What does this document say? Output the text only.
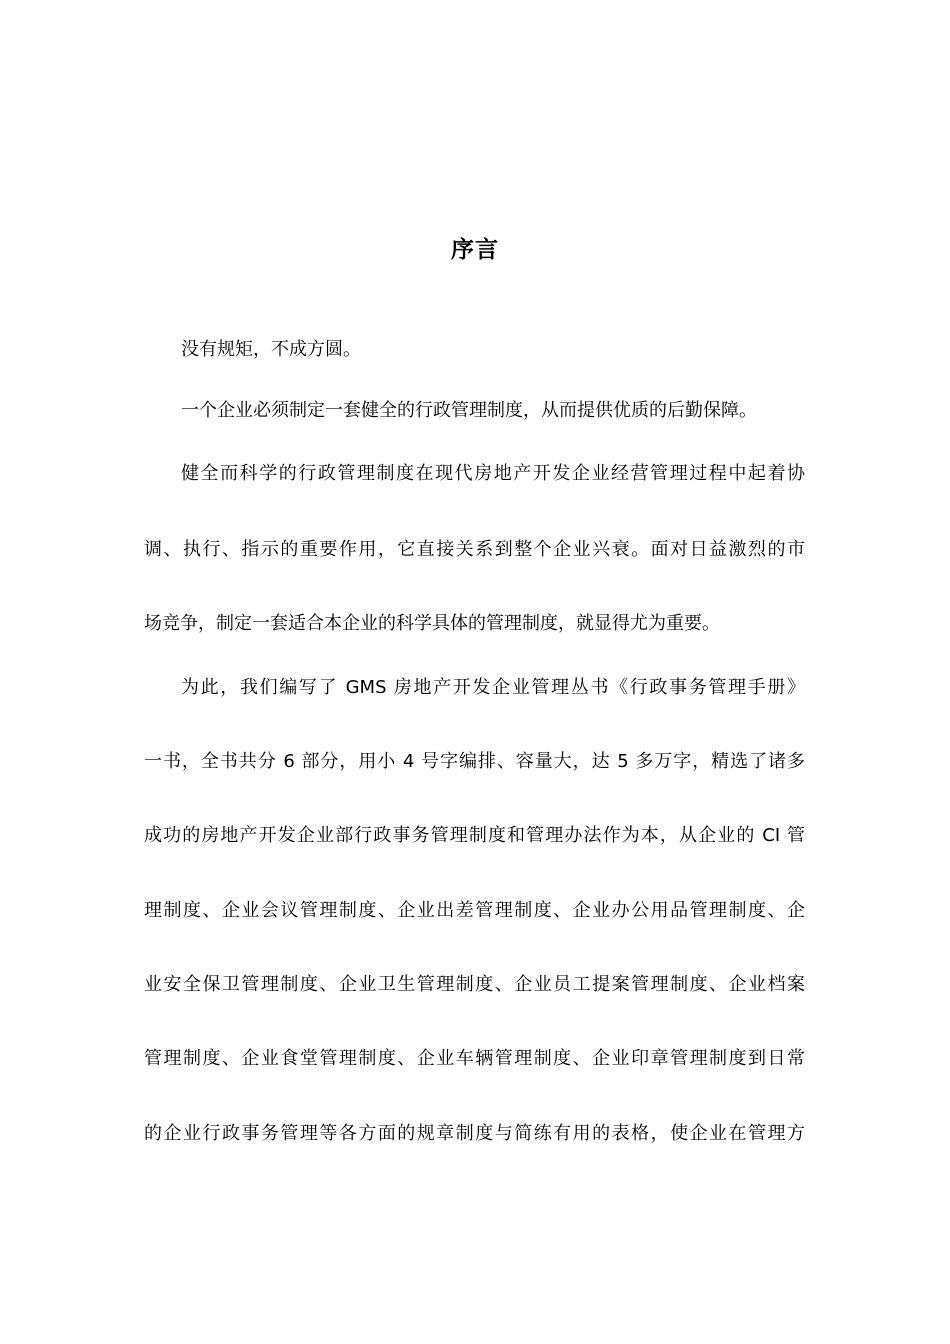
序言
没有规矩，不成方圆。
一个企业必须制定一套健全的行政管理制度，从而提供优质的后勤保障。
健全而科学的行政管理制度在现代房地产开发企业经营管理过程中起着协
调、执行、指示的重要作用，它直接关系到整个企业兴衰。面对日益激烈的市
场竞争，制定一套适合本企业的科学具体的管理制度，就显得尤为重要。
为此，我们编写了 GMS 房地产开发企业管理丛书《行政事务管理手册》
一书，全书共分 6 部分，用小 4 号字编排、容量大，达 5 多万字，精选了诸多
成功的房地产开发企业部行政事务管理制度和管理办法作为本，从企业的 CI 管
理制度、企业会议管理制度、企业出差管理制度、企业办公用品管理制度、企
业安全保卫管理制度、企业卫生管理制度、企业员工提案管理制度、企业档案
管理制度、企业食堂管理制度、企业车辆管理制度、企业印章管理制度到日常
的企业行政事务管理等各方面的规章制度与简练有用的表格，使企业在管理方
